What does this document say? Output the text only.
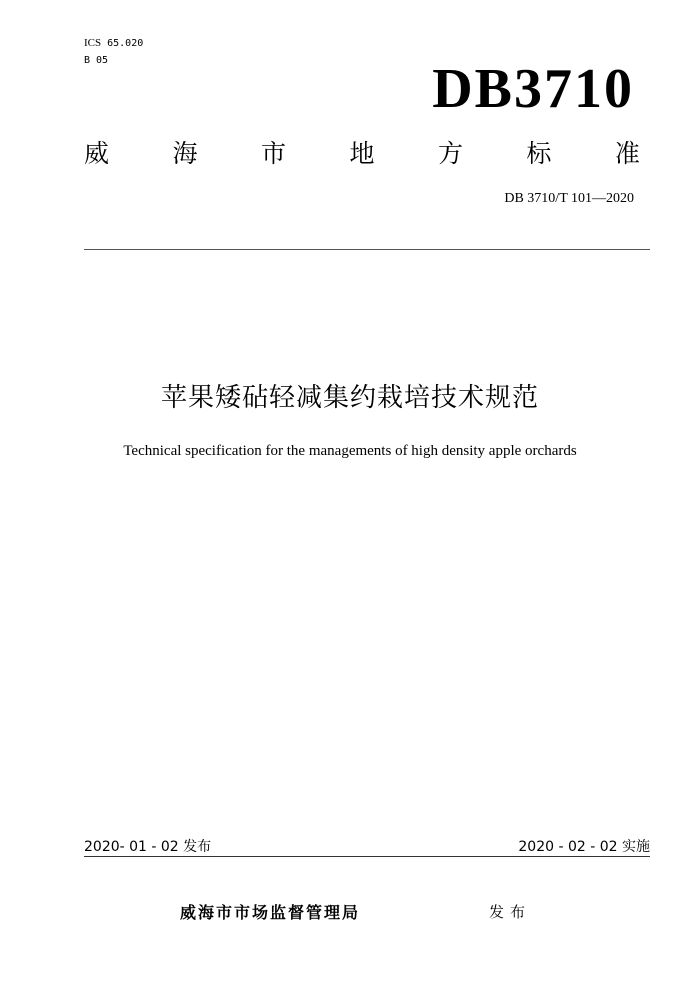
ICS 65.020
B 05	DB3710
威	海	市	地	方	标	准
DB 3710/T 101—2020
苹果矮砧轻减集约栽培技术规范
Technical specification for the managements of high density apple orchards
2020- 01 - 02 发布	2020 - 02 - 02 实施
威海市市场监督管理局	发布
